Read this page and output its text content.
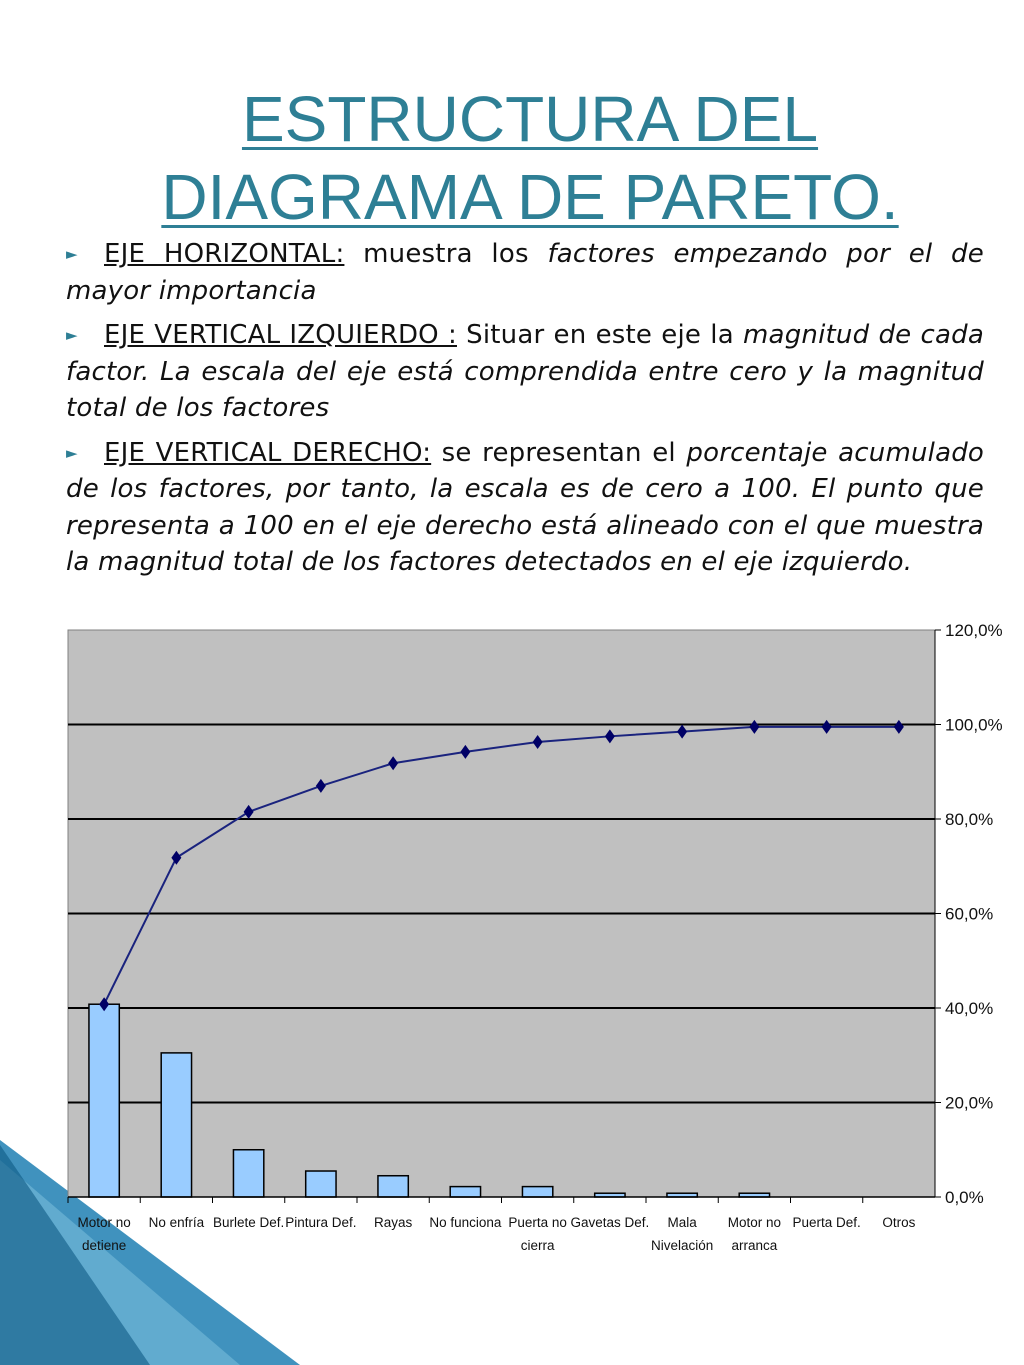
ESTRUCTURA DEL DIAGRAMA DE PARETO.
► EJE HORIZONTAL: muestra los factores empezando por el de mayor importancia
► EJE VERTICAL IZQUIERDO : Situar en este eje la magnitud de cada factor. La escala del eje está comprendida entre cero y la magnitud total de los factores
► EJE VERTICAL DERECHO: se representan el porcentaje acumulado de los factores, por tanto, la escala es de cero a 100. El punto que representa a 100 en el eje derecho está alineado con el que muestra la magnitud total de los factores detectados en el eje izquierdo.
120,0%
100,0%
80,0%
60,0%
40,0%
20,0%
0,0%
Motor no detiene
No enfría Burlete Def. Pintura Def. Rayas No funciona Puerta no cierra
Gavetas Def.	Mala Nivelación
Motor no arranca
Puerta Def. Otros
